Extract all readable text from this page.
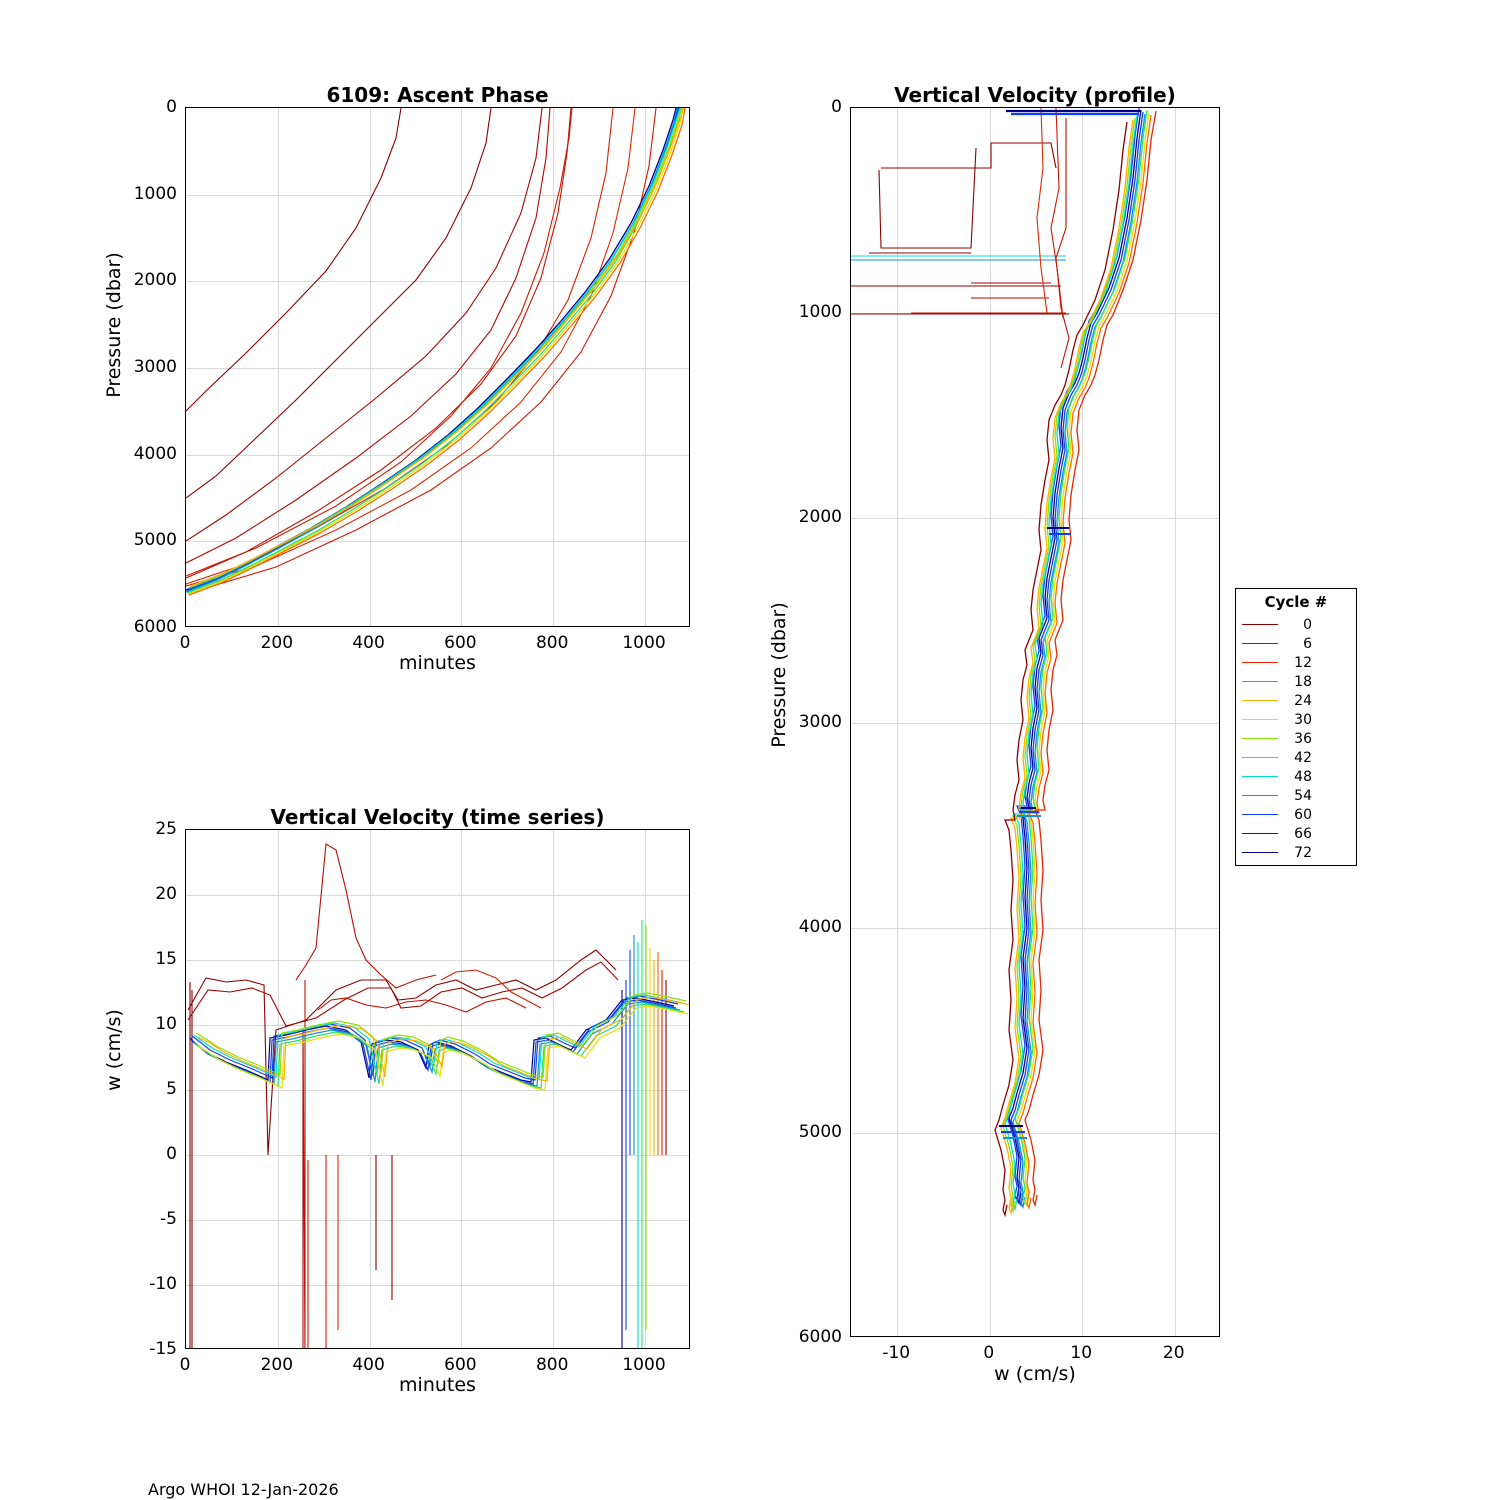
6109: Ascent Phase
0
1000
2000
3000
4000
5000
6000
0	200	400	600	800	1000
minutes
Pressure (dbar)
Vertical Velocity (time series)
25
20
15
10
5
0
-5
-10
-15
0	200	400	600	800	1000
minutes
w (cm/s)
Vertical Velocity (profile)
0
1000
2000
3000
4000
5000
6000
-10	0	10	20
w (cm/s)
Pressure (dbar)
Cycle #
0
6
12
18
24
30
36
42
48
54
60
66
72
Argo WHOI 12-Jan-2026
